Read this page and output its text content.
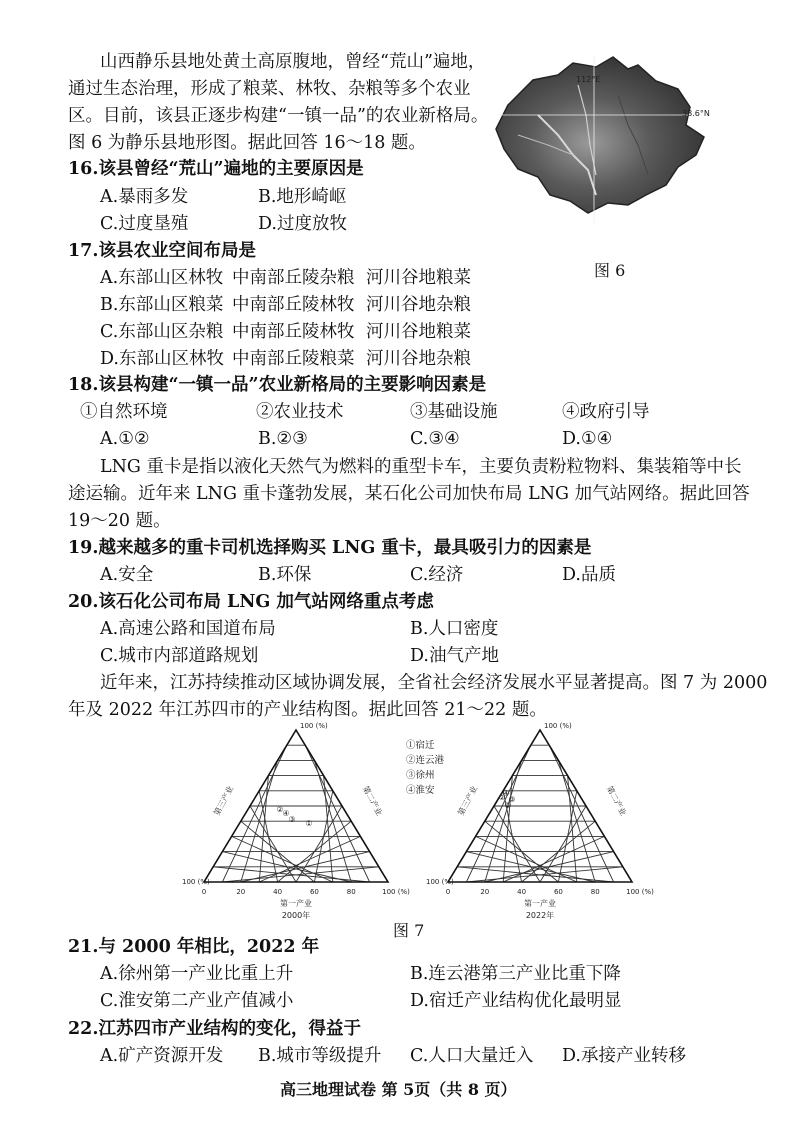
山西静乐县地处黄土高原腹地，曾经“荒山”遍地，
通过生态治理，形成了粮菜、林牧、杂粮等多个农业
区。目前，该县正逐步构建“一镇一品”的农业新格局。
图 6 为静乐县地形图。据此回答 16～18 题。
112°E
38.6°N
图 6
16.该县曾经“荒山”遍地的主要原因是
A.暴雨多发	B.地形崎岖
C.过度垦殖	D.过度放牧
17.该县农业空间布局是
A.东部山区林牧 中南部丘陵杂粮 河川谷地粮菜
B.东部山区粮菜 中南部丘陵林牧 河川谷地杂粮
C.东部山区杂粮 中南部丘陵林牧 河川谷地粮菜
D.东部山区林牧 中南部丘陵粮菜 河川谷地杂粮
18.该县构建“一镇一品”农业新格局的主要影响因素是
①自然环境	②农业技术	③基础设施	④政府引导
A.①②	B.②③	C.③④	D.①④
LNG 重卡是指以液化天然气为燃料的重型卡车，主要负责粉粒物料、集装箱等中长
途运输。近年来 LNG 重卡蓬勃发展，某石化公司加快布局 LNG 加气站网络。据此回答
19～20 题。
19.越来越多的重卡司机选择购买 LNG 重卡，最具吸引力的因素是
A.安全	B.环保	C.经济	D.品质
20.该石化公司布局 LNG 加气站网络重点考虑
A.高速公路和国道布局	B.人口密度
C.城市内部道路规划	D.油气产地
近年来，江苏持续推动区域协调发展，全省社会经济发展水平显著提高。图 7 为 2000
年及 2022 年江苏四市的产业结构图。据此回答 21～22 题。
0	20	40	60	80	100 (%)
100 (%)
100 (%)
第三产业	第二产业
第一产业
2000年
①
②
③
④
0	20	40	60	80	100 (%)
100 (%)
100 (%)
第三产业	第二产业
第一产业
2022年
①
② ③
④
①宿迁
②连云港
③徐州
④淮安
图 7
21.与 2000 年相比，2022 年
A.徐州第一产业比重上升	B.连云港第三产业比重下降
C.淮安第二产业产值减小	D.宿迁产业结构优化最明显
22.江苏四市产业结构的变化，得益于
A.矿产资源开发 B.城市等级提升 C.人口大量迁入 D.承接产业转移
高三地理试卷 第 5页（共 8 页）
